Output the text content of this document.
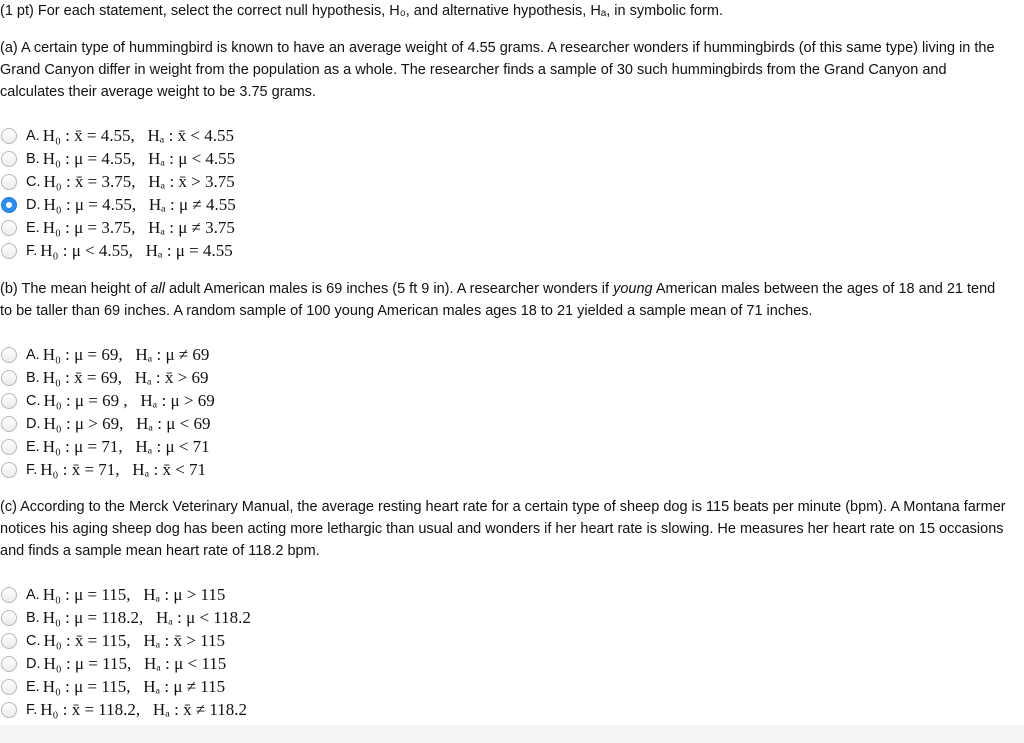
(1 pt) For each statement, select the correct null hypothesis, H₀, and alternative hypothesis, Hₐ, in symbolic form.
(a) A certain type of hummingbird is known to have an average weight of 4.55 grams. A researcher wonders if hummingbirds (of this same type) living in the Grand Canyon differ in weight from the population as a whole. The researcher finds a sample of 30 such hummingbirds from the Grand Canyon and calculates their average weight to be 3.75 grams.
A. H₀ : x̄ = 4.55,   Hₐ : x̄ < 4.55
B. H₀ : μ = 4.55,   Hₐ : μ < 4.55
C. H₀ : x̄ = 3.75,   Hₐ : x̄ > 3.75
D. H₀ : μ = 4.55,   Hₐ : μ ≠ 4.55
E. H₀ : μ = 3.75,   Hₐ : μ ≠ 3.75
F. H₀ : μ < 4.55,   Hₐ : μ = 4.55
(b) The mean height of all adult American males is 69 inches (5 ft 9 in). A researcher wonders if young American males between the ages of 18 and 21 tend to be taller than 69 inches. A random sample of 100 young American males ages 18 to 21 yielded a sample mean of 71 inches.
A. H₀ : μ = 69,   Hₐ : μ ≠ 69
B. H₀ : x̄ = 69,   Hₐ : x̄ > 69
C. H₀ : μ = 69 ,   Hₐ : μ > 69
D. H₀ : μ > 69,   Hₐ : μ < 69
E. H₀ : μ = 71,   Hₐ : μ < 71
F. H₀ : x̄ = 71,   Hₐ : x̄ < 71
(c) According to the Merck Veterinary Manual, the average resting heart rate for a certain type of sheep dog is 115 beats per minute (bpm). A Montana farmer notices his aging sheep dog has been acting more lethargic than usual and wonders if her heart rate is slowing. He measures her heart rate on 15 occasions and finds a sample mean heart rate of 118.2 bpm.
A. H₀ : μ = 115,   Hₐ : μ > 115
B. H₀ : μ = 118.2,   Hₐ : μ < 118.2
C. H₀ : x̄ = 115,   Hₐ : x̄ > 115
D. H₀ : μ = 115,   Hₐ : μ < 115
E. H₀ : μ = 115,   Hₐ : μ ≠ 115
F. H₀ : x̄ = 118.2,   Hₐ : x̄ ≠ 118.2
